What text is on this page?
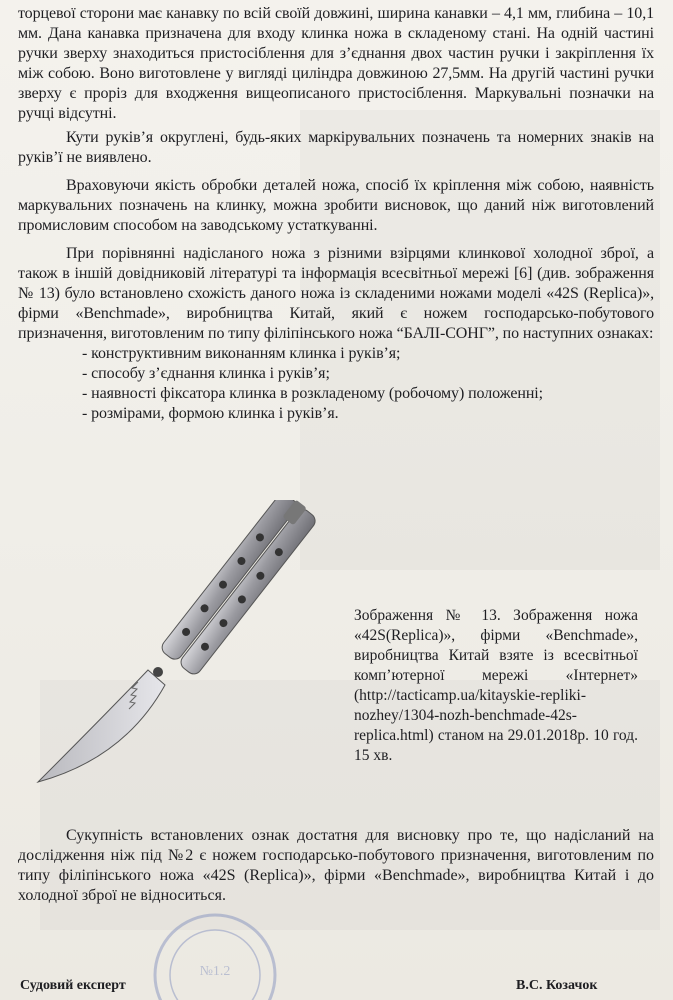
торцевої сторони має канавку по всій своїй довжині, ширина канавки – 4,1 мм, глибина – 10,1 мм. Дана канавка призначена для входу клинка ножа в складеному стані. На одній частині ручки зверху знаходиться пристосіблення для з’єднання двох частин ручки і закріплення їх між собою. Воно виготовлене у вигляді циліндра довжиною 27,5мм. На другій частині ручки зверху є проріз для входження вищеописаного пристосіблення. Маркувальні позначки на ручці відсутні.

Кути руків’я округлені, будь-яких маркірувальних позначень та номерних знаків на руків’ї не виявлено.

Враховуючи якість обробки деталей ножа, спосіб їх кріплення між собою, наявність маркувальних позначень на клинку, можна зробити висновок, що даний ніж виготовлений промисловим способом на заводському устаткуванні.

При порівнянні надісланого ножа з різними взірцями клинкової холодної зброї, а також в іншій довідниковій літературі та інформація всесвітньої мережі [6] (див. зображення № 13) було встановлено схожість даного ножа із складеними ножами моделі «42S (Replica)», фірми «Benchmade», виробництва Китай, який є ножем господарсько-побутового призначення, виготовленим по типу філіпінського ножа “БАЛІ-СОНГ”, по наступних ознаках:

- конструктивним виконанням клинка і руків’я;
- способу з’єднання клинка і руків’я;
- наявності фіксатора клинка в розкладеному (робочому) положенні;
- розмірами, формою клинка і руків’я.
Зображення № 13. Зображення ножа «42S(Replica)», фірми «Benchmade», виробництва Китай взяте із всесвітньої комп’ютерної мережі «Інтернет» (http://tacticamp.ua/kitayskie-repliki-nozhey/1304-nozh-benchmade-42s-replica.html) станом на 29.01.2018р. 10 год. 15 хв.

Сукупність встановлених ознак достатня для висновку про те, що надісланий на дослідження ніж під №2 є ножем господарсько-побутового призначення, виготовленим по типу філіпінського ножа «42S (Replica)», фірми «Benchmade», виробництва Китай і до холодної зброї не відноситься.

№1.2
Судовий експерт	В.С. Козачок
